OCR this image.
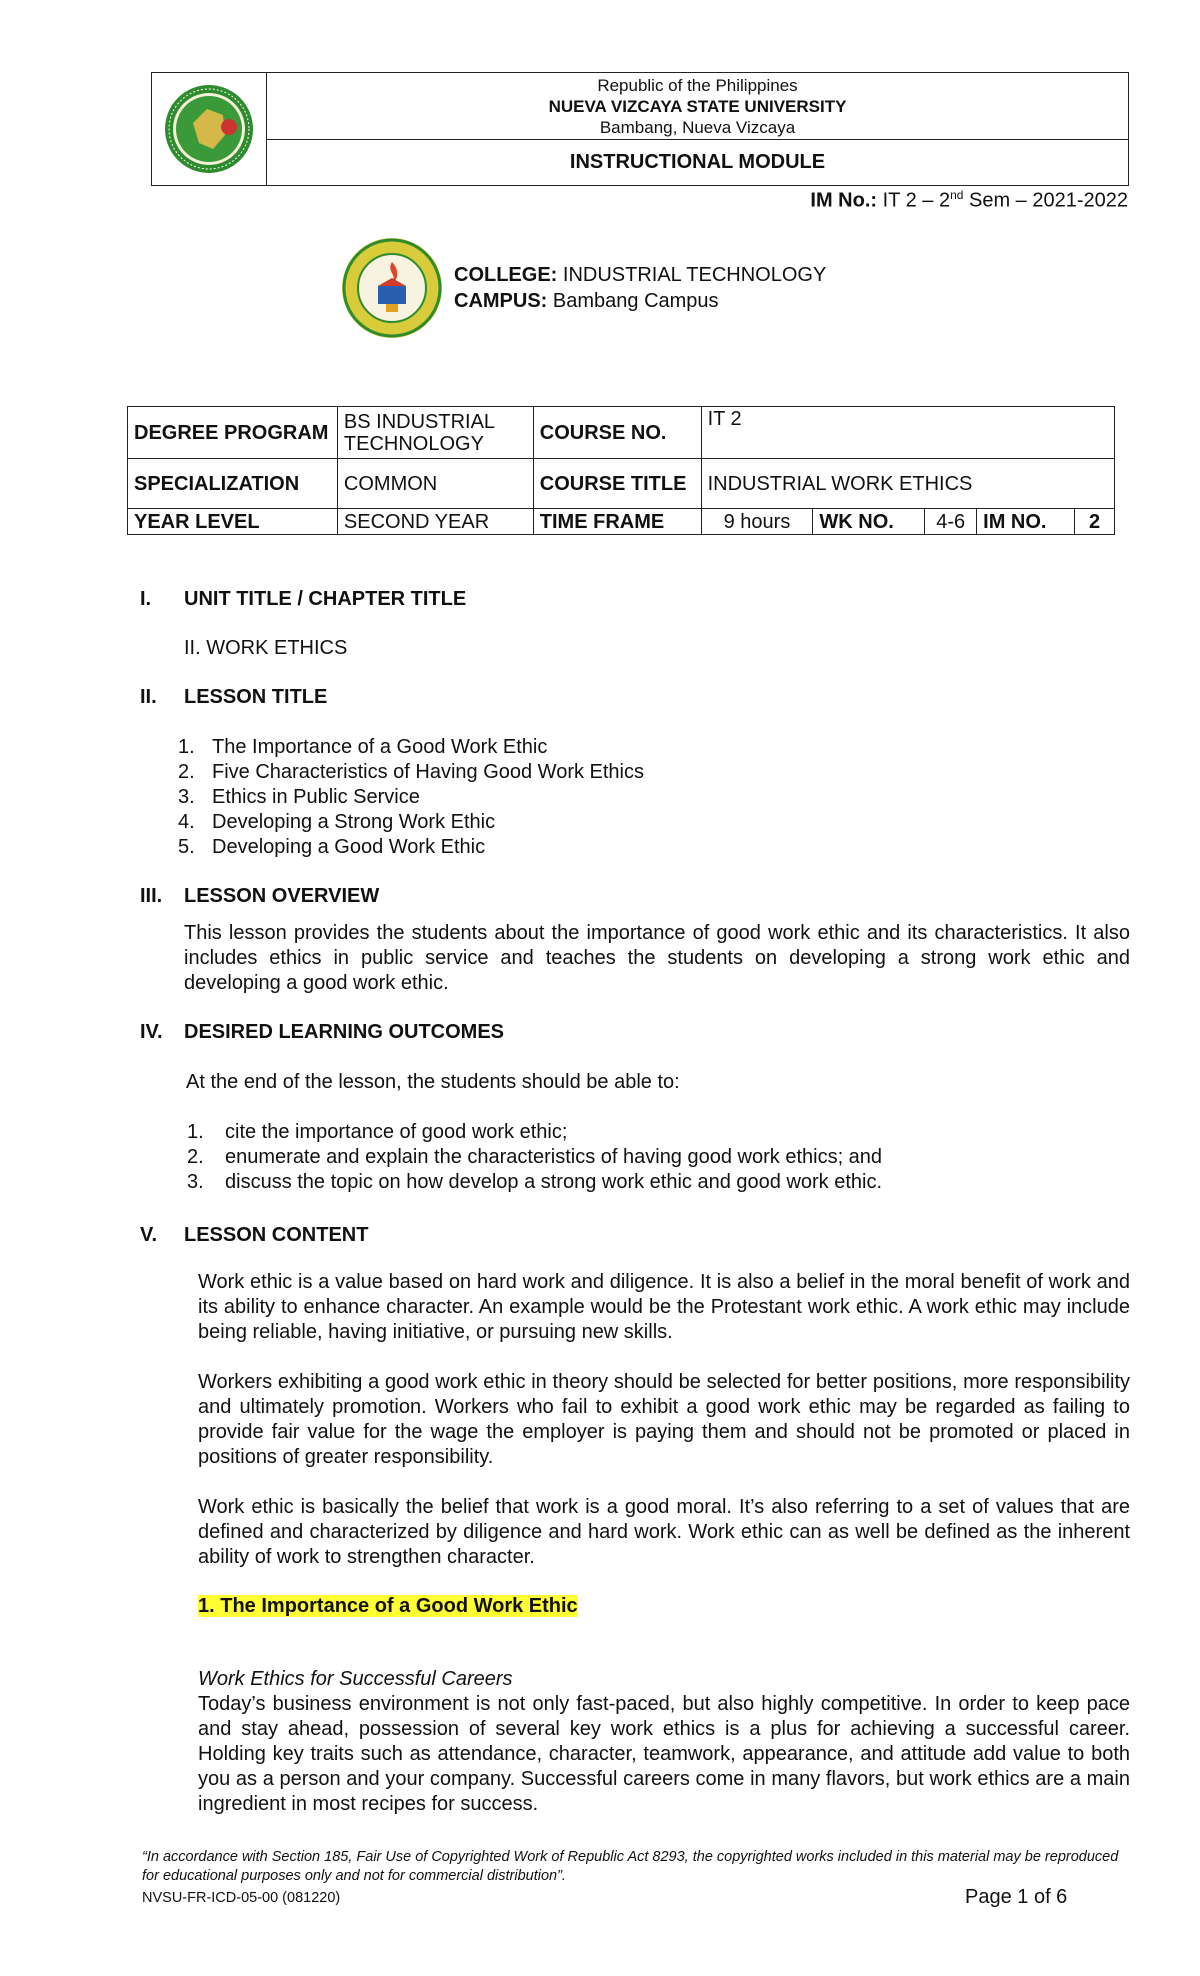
Republic of the Philippines
NUEVA VIZCAYA STATE UNIVERSITY
Bambang, Nueva Vizcaya
INSTRUCTIONAL MODULE
IM No.: IT 2 – 2nd Sem – 2021-2022
COLLEGE: INDUSTRIAL TECHNOLOGY
CAMPUS: Bambang Campus
DEGREE PROGRAM	BS INDUSTRIAL TECHNOLOGY	COURSE NO.	IT 2				
SPECIALIZATION	COMMON	COURSE TITLE	INDUSTRIAL WORK ETHICS				
YEAR LEVEL	SECOND YEAR	TIME FRAME	9 hours	WK NO.	4-6	IM NO.	2
I. UNIT TITLE / CHAPTER TITLE
II. WORK ETHICS
II. LESSON TITLE
1. The Importance of a Good Work Ethic
2. Five Characteristics of Having Good Work Ethics
3. Ethics in Public Service
4. Developing a Strong Work Ethic
5. Developing a Good Work Ethic
III. LESSON OVERVIEW
This lesson provides the students about the importance of good work ethic and its characteristics. It also includes ethics in public service and teaches the students on developing a strong work ethic and developing a good work ethic.
IV. DESIRED LEARNING OUTCOMES
At the end of the lesson, the students should be able to:
1.	cite the importance of good work ethic;
2.	enumerate and explain the characteristics of having good work ethics; and
3.	discuss the topic on how develop a strong work ethic and good work ethic.
V. LESSON CONTENT
Work ethic is a value based on hard work and diligence. It is also a belief in the moral benefit of work and its ability to enhance character. An example would be the Protestant work ethic. A work ethic may include being reliable, having initiative, or pursuing new skills.
Workers exhibiting a good work ethic in theory should be selected for better positions, more responsibility and ultimately promotion. Workers who fail to exhibit a good work ethic may be regarded as failing to provide fair value for the wage the employer is paying them and should not be promoted or placed in positions of greater responsibility.
Work ethic is basically the belief that work is a good moral. It’s also referring to a set of values that are defined and characterized by diligence and hard work. Work ethic can as well be defined as the inherent ability of work to strengthen character.
1. The Importance of a Good Work Ethic
Work Ethics for Successful Careers
Today’s business environment is not only fast-paced, but also highly competitive. In order to keep pace and stay ahead, possession of several key work ethics is a plus for achieving a successful career. Holding key traits such as attendance, character, teamwork, appearance, and attitude add value to both you as a person and your company. Successful careers come in many flavors, but work ethics are a main ingredient in most recipes for success.
“In accordance with Section 185, Fair Use of Copyrighted Work of Republic Act 8293, the copyrighted works included in this material may be reproduced for educational purposes only and not for commercial distribution”.
NVSU-FR-ICD-05-00 (081220)	Page 1 of 6
